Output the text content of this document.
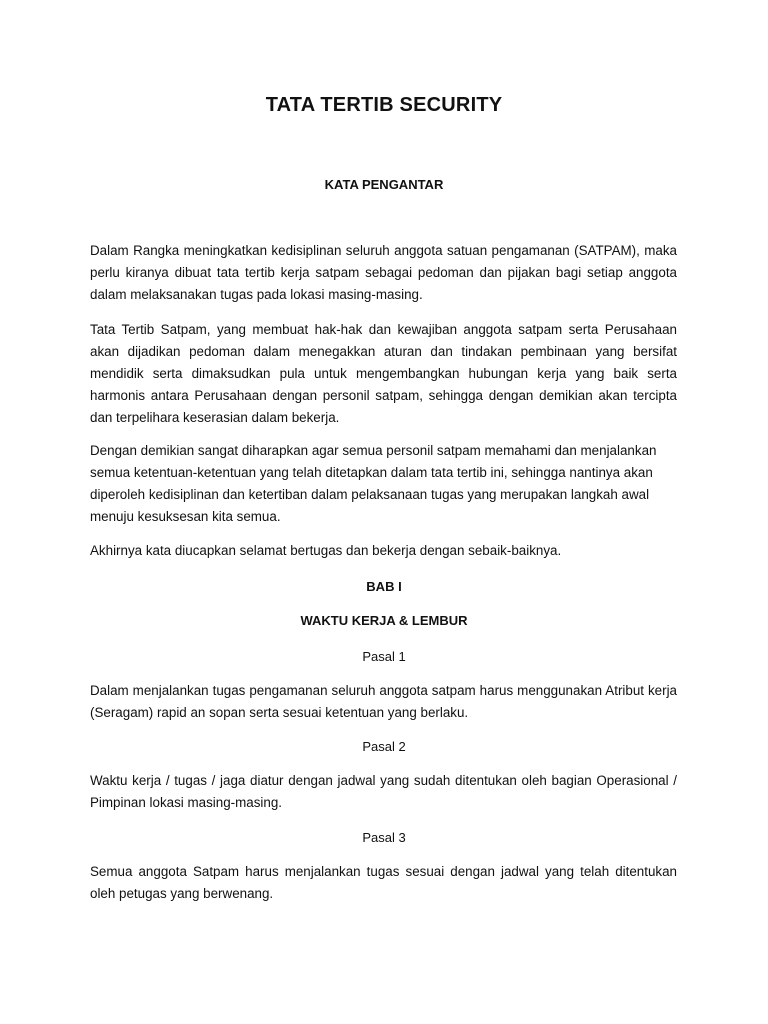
TATA TERTIB SECURITY

KATA PENGANTAR

Dalam Rangka meningkatkan kedisiplinan seluruh anggota satuan pengamanan (SATPAM), maka perlu kiranya dibuat tata tertib kerja satpam sebagai pedoman dan pijakan bagi setiap anggota dalam melaksanakan tugas pada lokasi masing-masing.

Tata Tertib Satpam, yang membuat hak-hak dan kewajiban anggota satpam serta Perusahaan akan dijadikan pedoman dalam menegakkan aturan dan tindakan pembinaan yang bersifat mendidik serta dimaksudkan pula untuk mengembangkan hubungan kerja yang baik serta harmonis antara Perusahaan dengan personil satpam, sehingga dengan demikian akan tercipta dan terpelihara keserasian dalam bekerja.

Dengan demikian sangat diharapkan agar semua personil satpam memahami dan menjalankan semua ketentuan-ketentuan yang telah ditetapkan dalam tata tertib ini, sehingga nantinya akan diperoleh kedisiplinan dan ketertiban dalam pelaksanaan tugas yang merupakan langkah awal menuju kesuksesan kita semua.

Akhirnya kata diucapkan selamat bertugas dan bekerja dengan sebaik-baiknya.

BAB I

WAKTU KERJA & LEMBUR

Pasal 1

Dalam menjalankan tugas pengamanan seluruh anggota satpam harus menggunakan Atribut kerja (Seragam) rapid an sopan serta sesuai ketentuan yang berlaku.

Pasal 2

Waktu kerja / tugas / jaga diatur dengan jadwal yang sudah ditentukan oleh bagian Operasional / Pimpinan lokasi masing-masing.

Pasal 3

Semua anggota Satpam harus menjalankan tugas sesuai dengan jadwal yang telah ditentukan oleh petugas yang berwenang.
